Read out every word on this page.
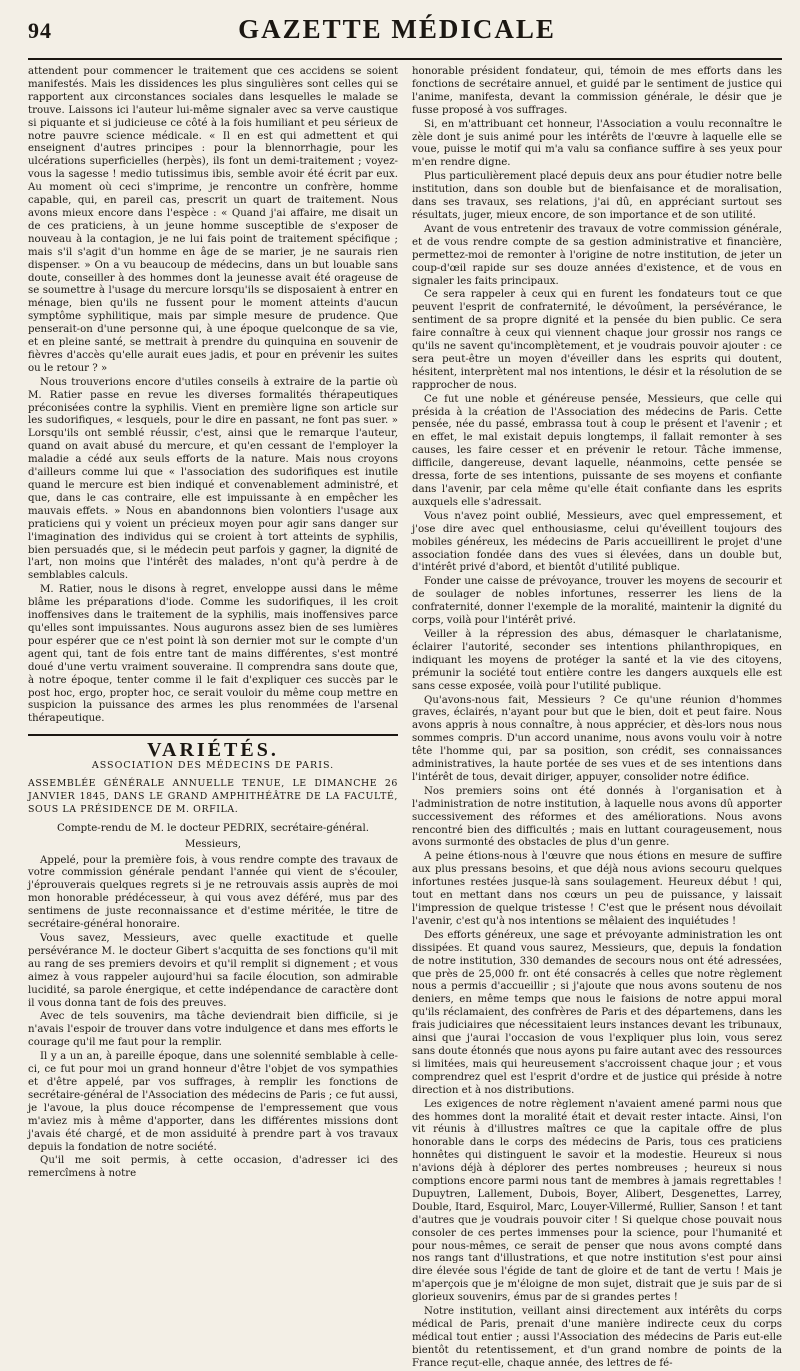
94	GAZETTE MÉDICALE

attendent pour commencer le traitement que ces accidens se soient manifestés. Mais les dissidences les plus singulières sont celles qui se rapportent aux circonstances sociales dans lesquelles le malade se trouve. Laissons ici l'auteur lui-même signaler avec sa verve caustique si piquante et si judicieuse ce côté à la fois humiliant et peu sérieux de notre pauvre science médicale. « Il en est qui admettent et qui enseignent d'autres principes : pour la blennorrhagie, pour les ulcérations superficielles (herpès), ils font un demi-traitement ; voyez-vous la sagesse ! medio tutissimus ibis, semble avoir été écrit par eux. Au moment où ceci s'imprime, je rencontre un confrère, homme capable, qui, en pareil cas, prescrit un quart de traitement. Nous avons mieux encore dans l'espèce : « Quand j'ai affaire, me disait un de ces praticiens, à un jeune homme susceptible de s'exposer de nouveau à la contagion, je ne lui fais point de traitement spécifique ; mais s'il s'agit d'un homme en âge de se marier, je ne saurais rien dispenser. » On a vu beaucoup de médecins, dans un but louable sans doute, conseiller à des hommes dont la jeunesse avait été orageuse de se soumettre à l'usage du mercure lorsqu'ils se disposaient à entrer en ménage, bien qu'ils ne fussent pour le moment atteints d'aucun symptôme syphilitique, mais par simple mesure de prudence. Que penserait-on d'une personne qui, à une époque quelconque de sa vie, et en pleine santé, se mettrait à prendre du quinquina en souvenir de fièvres d'accès qu'elle aurait eues jadis, et pour en prévenir les suites ou le retour ? »

Nous trouverions encore d'utiles conseils à extraire de la partie où M. Ratier passe en revue les diverses formalités thérapeutiques préconisées contre la syphilis. Vient en première ligne son article sur les sudorifiques, « lesquels, pour le dire en passant, ne font pas suer. » Lorsqu'ils ont semblé réussir, c'est, ainsi que le remarque l'auteur, quand on avait abusé du mercure, et qu'en cessant de l'employer la maladie a cédé aux seuls efforts de la nature. Mais nous croyons d'ailleurs comme lui que « l'association des sudorifiques est inutile quand le mercure est bien indiqué et convenablement administré, et que, dans le cas contraire, elle est impuissante à en empêcher les mauvais effets. » Nous en abandonnons bien volontiers l'usage aux praticiens qui y voient un précieux moyen pour agir sans danger sur l'imagination des individus qui se croient à tort atteints de syphilis, bien persuadés que, si le médecin peut parfois y gagner, la dignité de l'art, non moins que l'intérêt des malades, n'ont qu'à perdre à de semblables calculs.

M. Ratier, nous le disons à regret, enveloppe aussi dans le même blâme les préparations d'iode. Comme les sudorifiques, il les croit inoffensives dans le traitement de la syphilis, mais inoffensives parce qu'elles sont impuissantes. Nous augurons assez bien de ses lumières pour espérer que ce n'est point là son dernier mot sur le compte d'un agent qui, tant de fois entre tant de mains différentes, s'est montré doué d'une vertu vraiment souveraine. Il comprendra sans doute que, à notre époque, tenter comme il le fait d'expliquer ces succès par le post hoc, ergo, propter hoc, ce serait vouloir du même coup mettre en suspicion la puissance des armes les plus renommées de l'arsenal thérapeutique.

VARIÉTÉS.
ASSOCIATION DES MÉDECINS DE PARIS.
ASSEMBLÉE GÉNÉRALE ANNUELLE TENUE, LE DIMANCHE 26 JANVIER 1845, DANS LE GRAND AMPHITHÉÂTRE DE LA FACULTÉ, SOUS LA PRÉSIDENCE DE M. ORFILA.
Compte-rendu de M. le docteur PEDRIX, secrétaire-général.
Messieurs,

Appelé, pour la première fois, à vous rendre compte des travaux de votre commission générale pendant l'année qui vient de s'écouler, j'éprouverais quelques regrets si je ne retrouvais assis auprès de moi mon honorable prédécesseur, à qui vous avez déféré, mus par des sentimens de juste reconnaissance et d'estime méritée, le titre de secrétaire-général honoraire.

Vous savez, Messieurs, avec quelle exactitude et quelle persévérance M. le docteur Gibert s'acquitta de ses fonctions qu'il mit au rang de ses premiers devoirs et qu'il remplit si dignement ; et vous aimez à vous rappeler aujourd'hui sa facile élocution, son admirable lucidité, sa parole énergique, et cette indépendance de caractère dont il vous donna tant de fois des preuves.

Avec de tels souvenirs, ma tâche deviendrait bien difficile, si je n'avais l'espoir de trouver dans votre indulgence et dans mes efforts le courage qu'il me faut pour la remplir.

Il y a un an, à pareille époque, dans une solennité semblable à celle-ci, ce fut pour moi un grand honneur d'être l'objet de vos sympathies et d'être appelé, par vos suffrages, à remplir les fonctions de secrétaire-général de l'Association des médecins de Paris ; ce fut aussi, je l'avoue, la plus douce récompense de l'empressement que vous m'aviez mis à même d'apporter, dans les différentes missions dont j'avais été chargé, et de mon assiduité à prendre part à vos travaux depuis la fondation de notre société.

Qu'il me soit permis, à cette occasion, d'adresser ici des remercîmens à notre

honorable président fondateur, qui, témoin de mes efforts dans les fonctions de secrétaire annuel, et guidé par le sentiment de justice qui l'anime, manifesta, devant la commission générale, le désir que je fusse proposé à vos suffrages.

Si, en m'attribuant cet honneur, l'Association a voulu reconnaître le zèle dont je suis animé pour les intérêts de l'œuvre à laquelle elle se voue, puisse le motif qui m'a valu sa confiance suffire à ses yeux pour m'en rendre digne.

Plus particulièrement placé depuis deux ans pour étudier notre belle institution, dans son double but de bienfaisance et de moralisation, dans ses travaux, ses relations, j'ai dû, en appréciant surtout ses résultats, juger, mieux encore, de son importance et de son utilité.

Avant de vous entretenir des travaux de votre commission générale, et de vous rendre compte de sa gestion administrative et financière, permettez-moi de remonter à l'origine de notre institution, de jeter un coup-d'œil rapide sur ses douze années d'existence, et de vous en signaler les faits principaux.

Ce sera rappeler à ceux qui en furent les fondateurs tout ce que peuvent l'esprit de confraternité, le dévoûment, la persévérance, le sentiment de sa propre dignité et la pensée du bien public. Ce sera faire connaître à ceux qui viennent chaque jour grossir nos rangs ce qu'ils ne savent qu'incomplètement, et je voudrais pouvoir ajouter : ce sera peut-être un moyen d'éveiller dans les esprits qui doutent, hésitent, interprètent mal nos intentions, le désir et la résolution de se rapprocher de nous.

Ce fut une noble et généreuse pensée, Messieurs, que celle qui présida à la création de l'Association des médecins de Paris. Cette pensée, née du passé, embrassa tout à coup le présent et l'avenir ; et en effet, le mal existait depuis longtemps, il fallait remonter à ses causes, les faire cesser et en prévenir le retour. Tâche immense, difficile, dangereuse, devant laquelle, néanmoins, cette pensée se dressa, forte de ses intentions, puissante de ses moyens et confiante dans l'avenir, par cela même qu'elle était confiante dans les esprits auxquels elle s'adressait.

Vous n'avez point oublié, Messieurs, avec quel empressement, et j'ose dire avec quel enthousiasme, celui qu'éveillent toujours des mobiles généreux, les médecins de Paris accueillirent le projet d'une association fondée dans des vues si élevées, dans un double but, d'intérêt privé d'abord, et bientôt d'utilité publique.

Fonder une caisse de prévoyance, trouver les moyens de secourir et de soulager de nobles infortunes, resserrer les liens de la confraternité, donner l'exemple de la moralité, maintenir la dignité du corps, voilà pour l'intérêt privé.

Veiller à la répression des abus, démasquer le charlatanisme, éclairer l'autorité, seconder ses intentions philanthropiques, en indiquant les moyens de protéger la santé et la vie des citoyens, prémunir la société tout entière contre les dangers auxquels elle est sans cesse exposée, voilà pour l'utilité publique.

Qu'avons-nous fait, Messieurs ? Ce qu'une réunion d'hommes graves, éclairés, n'ayant pour but que le bien, doit et peut faire. Nous avons appris à nous connaître, à nous apprécier, et dès-lors nous nous sommes compris. D'un accord unanime, nous avons voulu voir à notre tête l'homme qui, par sa position, son crédit, ses connaissances administratives, la haute portée de ses vues et de ses intentions dans l'intérêt de tous, devait diriger, appuyer, consolider notre édifice.

Nos premiers soins ont été donnés à l'organisation et à l'administration de notre institution, à laquelle nous avons dû apporter successivement des réformes et des améliorations. Nous avons rencontré bien des difficultés ; mais en luttant courageusement, nous avons surmonté des obstacles de plus d'un genre.

A peine étions-nous à l'œuvre que nous étions en mesure de suffire aux plus pressans besoins, et que déjà nous avions secouru quelques infortunes restées jusque-là sans soulagement. Heureux début ! qui, tout en mettant dans nos cœurs un peu de puissance, y laissait l'impression de quelque tristesse ! C'est que le présent nous dévoilait l'avenir, c'est qu'à nos intentions se mêlaient des inquiétudes !

Des efforts généreux, une sage et prévoyante administration les ont dissipées. Et quand vous saurez, Messieurs, que, depuis la fondation de notre institution, 330 demandes de secours nous ont été adressées, que près de 25,000 fr. ont été consacrés à celles que notre règlement nous a permis d'accueillir ; si j'ajoute que nous avons soutenu de nos deniers, en même temps que nous le faisions de notre appui moral qu'ils réclamaient, des confrères de Paris et des départemens, dans les frais judiciaires que nécessitaient leurs instances devant les tribunaux, ainsi que j'aurai l'occasion de vous l'expliquer plus loin, vous serez sans doute étonnés que nous ayons pu faire autant avec des ressources si limitées, mais qui heureusement s'accroissent chaque jour ; et vous comprendrez quel est l'esprit d'ordre et de justice qui préside à notre direction et à nos distributions.

Les exigences de notre règlement n'avaient amené parmi nous que des hommes dont la moralité était et devait rester intacte. Ainsi, l'on vit réunis à d'illustres maîtres ce que la capitale offre de plus honorable dans le corps des médecins de Paris, tous ces praticiens honnêtes qui distinguent le savoir et la modestie. Heureux si nous n'avions déjà à déplorer des pertes nombreuses ; heureux si nous comptions encore parmi nous tant de membres à jamais regrettables ! Dupuytren, Lallement, Dubois, Boyer, Alibert, Desgenettes, Larrey, Double, Itard, Esquirol, Marc, Louyer-Villermé, Rullier, Sanson ! et tant d'autres que je voudrais pouvoir citer ! Si quelque chose pouvait nous consoler de ces pertes immenses pour la science, pour l'humanité et pour nous-mêmes, ce serait de penser que nous avons compté dans nos rangs tant d'illustrations, et que notre institution s'est pour ainsi dire élevée sous l'égide de tant de gloire et de tant de vertu ! Mais je m'aperçois que je m'éloigne de mon sujet, distrait que je suis par de si glorieux souvenirs, émus par de si grandes pertes !

Notre institution, veillant ainsi directement aux intérêts du corps médical de Paris, prenait d'une manière indirecte ceux du corps médical tout entier ; aussi l'Association des médecins de Paris eut-elle bientôt du retentissement, et d'un grand nombre de points de la France reçut-elle, chaque année, des lettres de fé-
